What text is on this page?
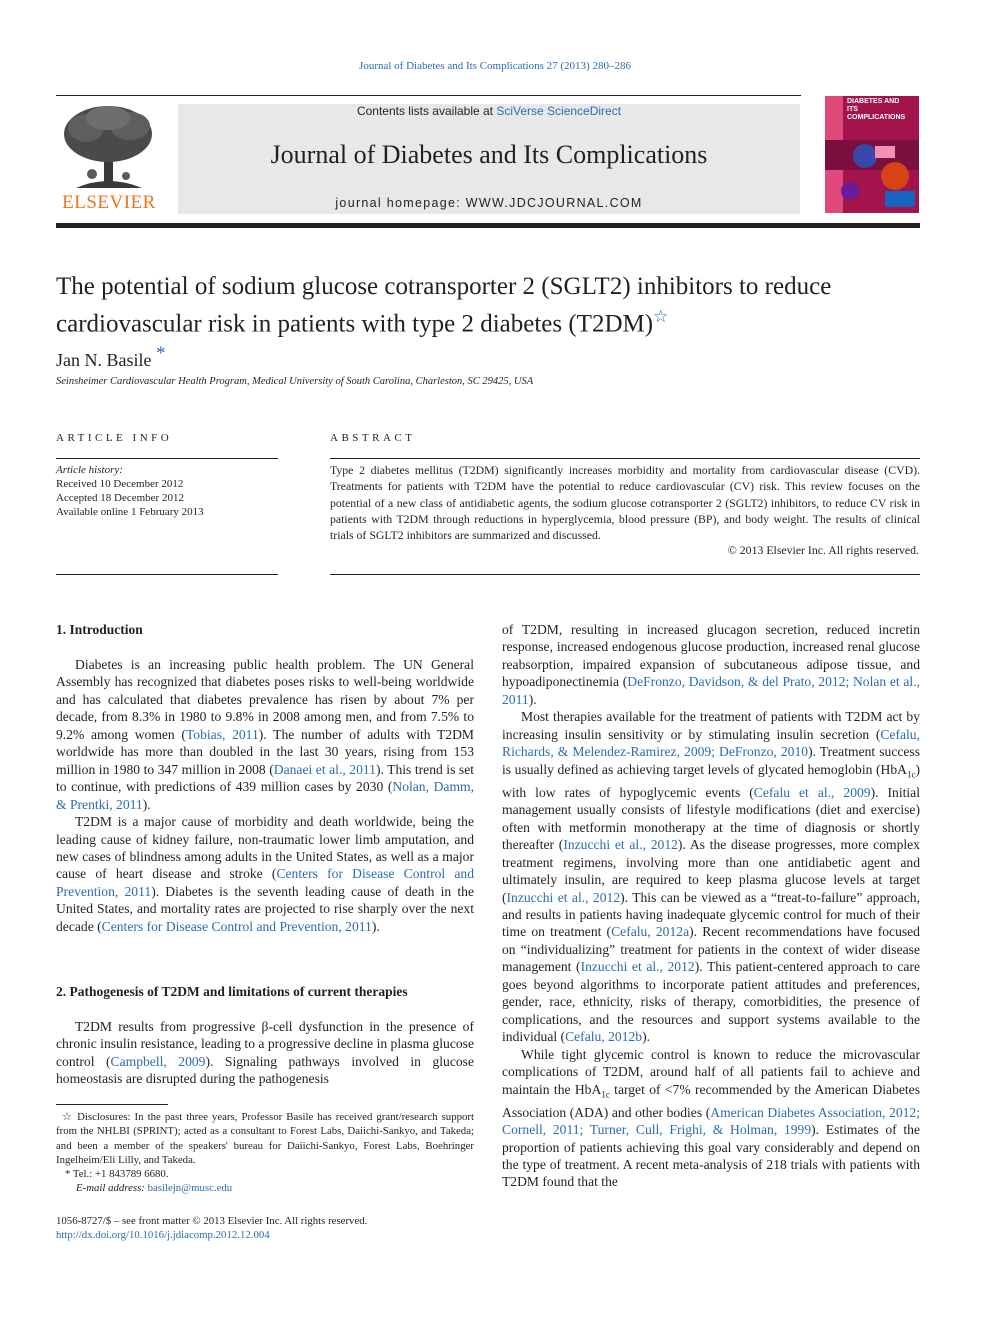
Journal of Diabetes and Its Complications 27 (2013) 280–286
Contents lists available at SciVerse ScienceDirect
Journal of Diabetes and Its Complications
journal homepage: WWW.JDCJOURNAL.COM
ELSEVIER
DIABETES AND ITS COMPLICATIONS
The potential of sodium glucose cotransporter 2 (SGLT2) inhibitors to reduce cardiovascular risk in patients with type 2 diabetes (T2DM)☆
Jan N. Basile *
Seinsheimer Cardiovascular Health Program, Medical University of South Carolina, Charleston, SC 29425, USA
ARTICLE INFO	ABSTRACT
Article history:
Received 10 December 2012
Accepted 18 December 2012
Available online 1 February 2013
Type 2 diabetes mellitus (T2DM) significantly increases morbidity and mortality from cardiovascular disease (CVD). Treatments for patients with T2DM have the potential to reduce cardiovascular (CV) risk. This review focuses on the potential of a new class of antidiabetic agents, the sodium glucose cotransporter 2 (SGLT2) inhibitors, to reduce CV risk in patients with T2DM through reductions in hyperglycemia, blood pressure (BP), and body weight. The results of clinical trials of SGLT2 inhibitors are summarized and discussed.
© 2013 Elsevier Inc. All rights reserved.
1. Introduction

Diabetes is an increasing public health problem. The UN General Assembly has recognized that diabetes poses risks to well-being worldwide and has calculated that diabetes prevalence has risen by about 7% per decade, from 8.3% in 1980 to 9.8% in 2008 among men, and from 7.5% to 9.2% among women (Tobias, 2011). The number of adults with T2DM worldwide has more than doubled in the last 30 years, rising from 153 million in 1980 to 347 million in 2008 (Danaei et al., 2011). This trend is set to continue, with predictions of 439 million cases by 2030 (Nolan, Damm, & Prentki, 2011).

T2DM is a major cause of morbidity and death worldwide, being the leading cause of kidney failure, non-traumatic lower limb amputation, and new cases of blindness among adults in the United States, as well as a major cause of heart disease and stroke (Centers for Disease Control and Prevention, 2011). Diabetes is the seventh leading cause of death in the United States, and mortality rates are projected to rise sharply over the next decade (Centers for Disease Control and Prevention, 2011).

2. Pathogenesis of T2DM and limitations of current therapies

T2DM results from progressive β-cell dysfunction in the presence of chronic insulin resistance, leading to a progressive decline in plasma glucose control (Campbell, 2009). Signaling pathways involved in glucose homeostasis are disrupted during the pathogenesis

of T2DM, resulting in increased glucagon secretion, reduced incretin response, increased endogenous glucose production, increased renal glucose reabsorption, impaired expansion of subcutaneous adipose tissue, and hypoadiponectinemia (DeFronzo, Davidson, & del Prato, 2012; Nolan et al., 2011).

Most therapies available for the treatment of patients with T2DM act by increasing insulin sensitivity or by stimulating insulin secretion (Cefalu, Richards, & Melendez-Ramirez, 2009; DeFronzo, 2010). Treatment success is usually defined as achieving target levels of glycated hemoglobin (HbA$_{1c}$) with low rates of hypoglycemic events (Cefalu et al., 2009). Initial management usually consists of lifestyle modifications (diet and exercise) often with metformin monotherapy at the time of diagnosis or shortly thereafter (Inzucchi et al., 2012). As the disease progresses, more complex treatment regimens, involving more than one antidiabetic agent and ultimately insulin, are required to keep plasma glucose levels at target (Inzucchi et al., 2012). This can be viewed as a “treat-to-failure” approach, and results in patients having inadequate glycemic control for much of their time on treatment (Cefalu, 2012a). Recent recommendations have focused on “individualizing” treatment for patients in the context of wider disease management (Inzucchi et al., 2012). This patient-centered approach to care goes beyond algorithms to incorporate patient attitudes and preferences, gender, race, ethnicity, risks of therapy, comorbidities, the presence of complications, and the resources and support systems available to the individual (Cefalu, 2012b).

While tight glycemic control is known to reduce the microvascular complications of T2DM, around half of all patients fail to achieve and maintain the HbA$_{1c}$ target of <7% recommended by the American Diabetes Association (ADA) and other bodies (American Diabetes Association, 2012; Cornell, 2011; Turner, Cull, Frighi, & Holman, 1999). Estimates of the proportion of patients achieving this goal vary considerably and depend on the type of treatment. A recent meta-analysis of 218 trials with patients with T2DM found that the

☆ Disclosures: In the past three years, Professor Basile has received grant/research support from the NHLBI (SPRINT); acted as a consultant to Forest Labs, Daiichi-Sankyo, and Takeda; and been a member of the speakers' bureau for Daiichi-Sankyo, Forest Labs, Boehringer Ingelheim/Eli Lilly, and Takeda.

* Tel.: +1 843789 6680.

E-mail address: basilejn@musc.edu

1056-8727/$ – see front matter © 2013 Elsevier Inc. All rights reserved.
http://dx.doi.org/10.1016/j.jdiacomp.2012.12.004
